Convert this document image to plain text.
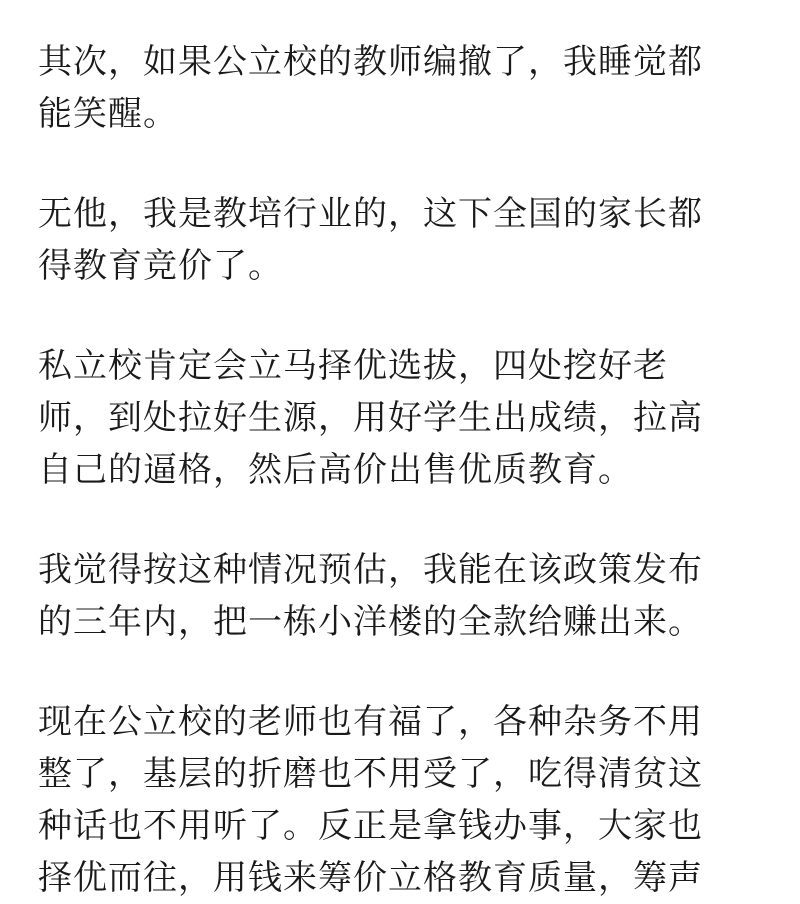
其次，如果公立校的教师编撤了，我睡觉都
能笑醒。
无他，我是教培行业的，这下全国的家长都
得教育竞价了。
私立校肯定会立马择优选拔，四处挖好老
师，到处拉好生源，用好学生出成绩，拉高
自己的逼格，然后高价出售优质教育。
我觉得按这种情况预估，我能在该政策发布
的三年内，把一栋小洋楼的全款给赚出来。
现在公立校的老师也有福了，各种杂务不用
整了，基层的折磨也不用受了，吃得清贫这
种话也不用听了。反正是拿钱办事，大家也
择优而往，用钱来筹价立格教育质量，筹声
